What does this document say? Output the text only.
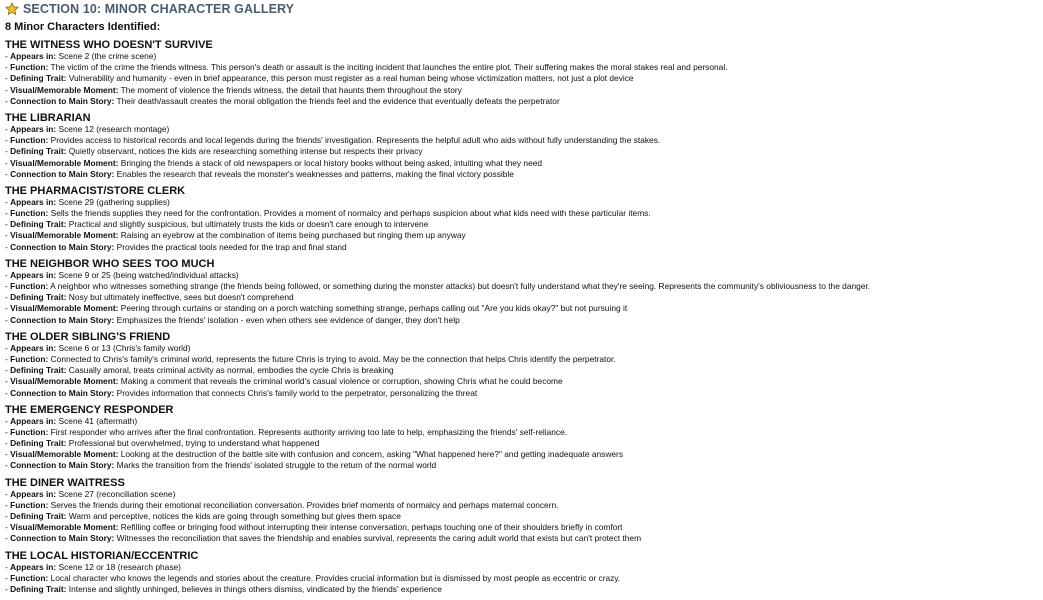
SECTION 10: MINOR CHARACTER GALLERY
8 Minor Characters Identified:
THE WITNESS WHO DOESN'T SURVIVE
- Appears in: Scene 2 (the crime scene)
- Function: The victim of the crime the friends witness. This person's death or assault is the inciting incident that launches the entire plot. Their suffering makes the moral stakes real and personal.
- Defining Trait: Vulnerability and humanity - even in brief appearance, this person must register as a real human being whose victimization matters, not just a plot device
- Visual/Memorable Moment: The moment of violence the friends witness, the detail that haunts them throughout the story
- Connection to Main Story: Their death/assault creates the moral obligation the friends feel and the evidence that eventually defeats the perpetrator
THE LIBRARIAN
- Appears in: Scene 12 (research montage)
- Function: Provides access to historical records and local legends during the friends' investigation. Represents the helpful adult who aids without fully understanding the stakes.
- Defining Trait: Quietly observant, notices the kids are researching something intense but respects their privacy
- Visual/Memorable Moment: Bringing the friends a stack of old newspapers or local history books without being asked, intuiting what they need
- Connection to Main Story: Enables the research that reveals the monster's weaknesses and patterns, making the final victory possible
THE PHARMACIST/STORE CLERK
- Appears in: Scene 29 (gathering supplies)
- Function: Sells the friends supplies they need for the confrontation. Provides a moment of normalcy and perhaps suspicion about what kids need with these particular items.
- Defining Trait: Practical and slightly suspicious, but ultimately trusts the kids or doesn't care enough to intervene
- Visual/Memorable Moment: Raising an eyebrow at the combination of items being purchased but ringing them up anyway
- Connection to Main Story: Provides the practical tools needed for the trap and final stand
THE NEIGHBOR WHO SEES TOO MUCH
- Appears in: Scene 9 or 25 (being watched/individual attacks)
- Function: A neighbor who witnesses something strange (the friends being followed, or something during the monster attacks) but doesn't fully understand what they're seeing. Represents the community's obliviousness to the danger.
- Defining Trait: Nosy but ultimately ineffective, sees but doesn't comprehend
- Visual/Memorable Moment: Peering through curtains or standing on a porch watching something strange, perhaps calling out "Are you kids okay?" but not pursuing it
- Connection to Main Story: Emphasizes the friends' isolation - even when others see evidence of danger, they don't help
THE OLDER SIBLING'S FRIEND
- Appears in: Scene 6 or 13 (Chris's family world)
- Function: Connected to Chris's family's criminal world, represents the future Chris is trying to avoid. May be the connection that helps Chris identify the perpetrator.
- Defining Trait: Casually amoral, treats criminal activity as normal, embodies the cycle Chris is breaking
- Visual/Memorable Moment: Making a comment that reveals the criminal world's casual violence or corruption, showing Chris what he could become
- Connection to Main Story: Provides information that connects Chris's family world to the perpetrator, personalizing the threat
THE EMERGENCY RESPONDER
- Appears in: Scene 41 (aftermath)
- Function: First responder who arrives after the final confrontation. Represents authority arriving too late to help, emphasizing the friends' self-reliance.
- Defining Trait: Professional but overwhelmed, trying to understand what happened
- Visual/Memorable Moment: Looking at the destruction of the battle site with confusion and concern, asking "What happened here?" and getting inadequate answers
- Connection to Main Story: Marks the transition from the friends' isolated struggle to the return of the normal world
THE DINER WAITRESS
- Appears in: Scene 27 (reconciliation scene)
- Function: Serves the friends during their emotional reconciliation conversation. Provides brief moments of normalcy and perhaps maternal concern.
- Defining Trait: Warm and perceptive, notices the kids are going through something but gives them space
- Visual/Memorable Moment: Refilling coffee or bringing food without interrupting their intense conversation, perhaps touching one of their shoulders briefly in comfort
- Connection to Main Story: Witnesses the reconciliation that saves the friendship and enables survival, represents the caring adult world that exists but can't protect them
THE LOCAL HISTORIAN/ECCENTRIC
- Appears in: Scene 12 or 18 (research phase)
- Function: Local character who knows the legends and stories about the creature. Provides crucial information but is dismissed by most people as eccentric or crazy.
- Defining Trait: Intense and slightly unhinged, believes in things others dismiss, vindicated by the friends' experience
